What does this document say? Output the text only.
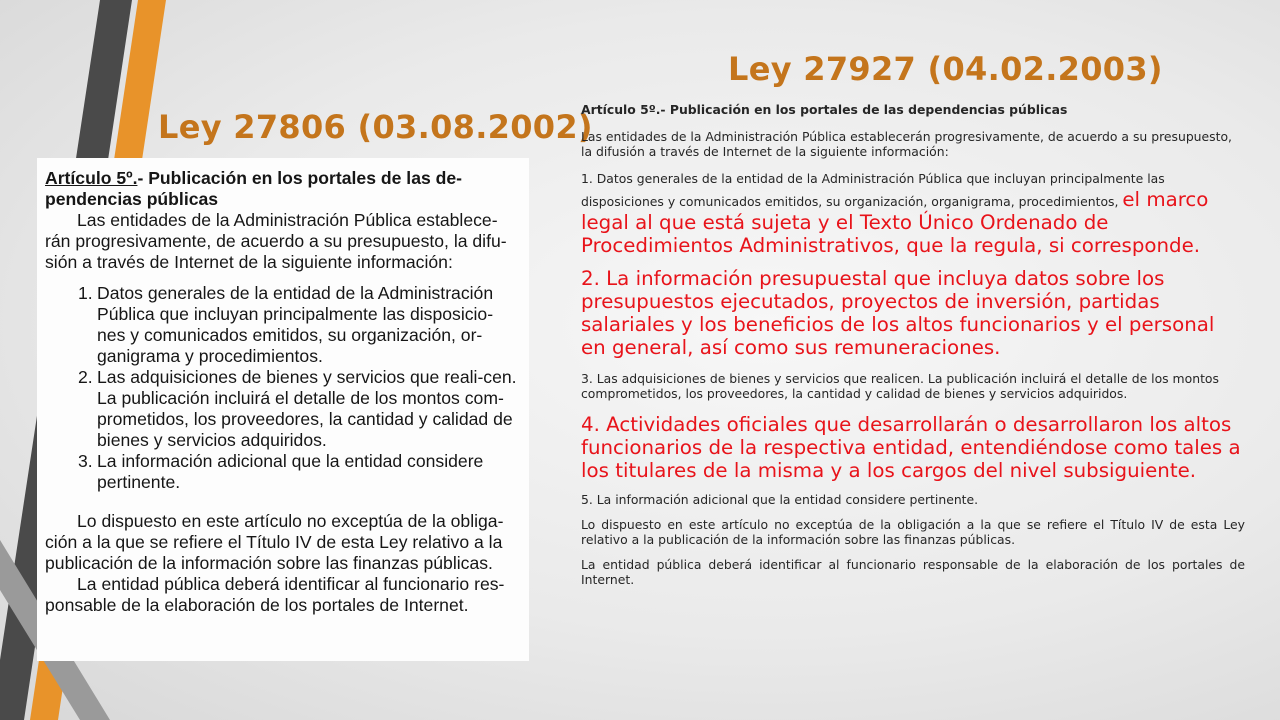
Ley 27806 (03.08.2002)

Artículo 5º.- Publicación en los portales de las de-pendencias públicas

Las entidades de la Administración Pública establece-rán progresivamente, de acuerdo a su presupuesto, la difu-sión a través de Internet de la siguiente información:

1. Datos generales de la entidad de la Administración Pública que incluyan principalmente las disposicio-nes y comunicados emitidos, su organización, or-ganigrama y procedimientos.
2. Las adquisiciones de bienes y servicios que reali-cen.
La publicación incluirá el detalle de los montos com-prometidos, los proveedores, la cantidad y calidad de bienes y servicios adquiridos.
3. La información adicional que la entidad considere pertinente.

Lo dispuesto en este artículo no exceptúa de la obliga-ción a la que se refiere el Título IV de esta Ley relativo a la publicación de la información sobre las finanzas públicas.

La entidad pública deberá identificar al funcionario res-ponsable de la elaboración de los portales de Internet.

Ley 27927 (04.02.2003)

Artículo 5º.- Publicación en los portales de las dependencias públicas

Las entidades de la Administración Pública establecerán progresivamente, de acuerdo a su presupuesto, la difusión a través de Internet de la siguiente información:

1. Datos generales de la entidad de la Administración Pública que incluyan principalmente las disposiciones y comunicados emitidos, su organización, organigrama, procedimientos, el marco legal al que está sujeta y el Texto Único Ordenado de Procedimientos Administrativos, que la regula, si corresponde.

2. La información presupuestal que incluya datos sobre los presupuestos ejecutados, proyectos de inversión, partidas salariales y los beneficios de los altos funcionarios y el personal en general, así como sus remuneraciones.

3. Las adquisiciones de bienes y servicios que realicen. La publicación incluirá el detalle de los montos comprometidos, los proveedores, la cantidad y calidad de bienes y servicios adquiridos.

4. Actividades oficiales que desarrollarán o desarrollaron los altos funcionarios de la respectiva entidad, entendiéndose como tales a los titulares de la misma y a los cargos del nivel subsiguiente.

5. La información adicional que la entidad considere pertinente.

Lo dispuesto en este artículo no exceptúa de la obligación a la que se refiere el Título IV de esta Ley relativo a la publicación de la información sobre las finanzas públicas.

La entidad pública deberá identificar al funcionario responsable de la elaboración de los portales de Internet.
